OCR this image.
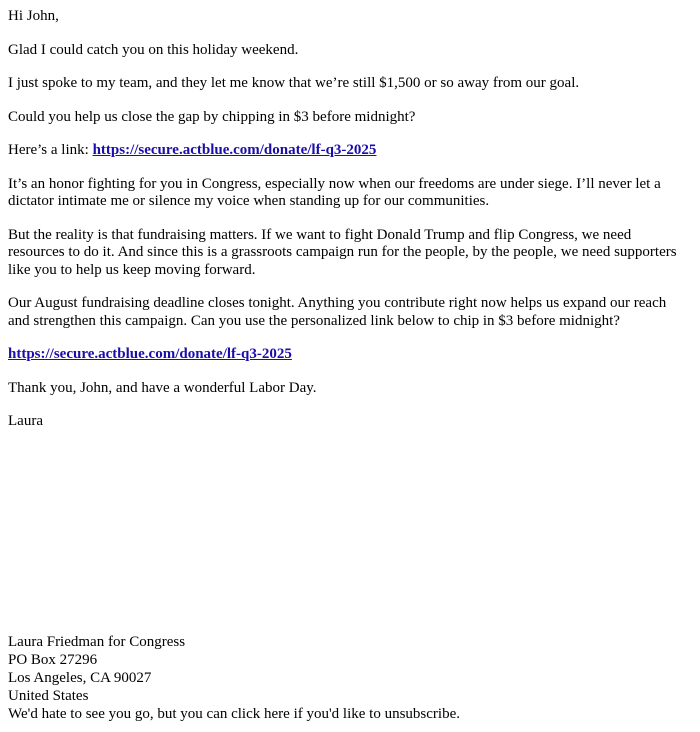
Hi John,

Glad I could catch you on this holiday weekend.

I just spoke to my team, and they let me know that we’re still $1,500 or so away from our goal.

Could you help us close the gap by chipping in $3 before midnight?

Here’s a link: https://secure.actblue.com/donate/lf-q3-2025

It’s an honor fighting for you in Congress, especially now when our freedoms are under siege. I’ll never let a dictator intimate me or silence my voice when standing up for our communities.

But the reality is that fundraising matters. If we want to fight Donald Trump and flip Congress, we need resources to do it. And since this is a grassroots campaign run for the people, by the people, we need supporters like you to help us keep moving forward.

Our August fundraising deadline closes tonight. Anything you contribute right now helps us expand our reach and strengthen this campaign. Can you use the personalized link below to chip in $3 before midnight?

https://secure.actblue.com/donate/lf-q3-2025

Thank you, John, and have a wonderful Labor Day.

Laura

Laura Friedman for Congress
PO Box 27296
Los Angeles, CA 90027
United States
We'd hate to see you go, but you can click here if you'd like to unsubscribe.
